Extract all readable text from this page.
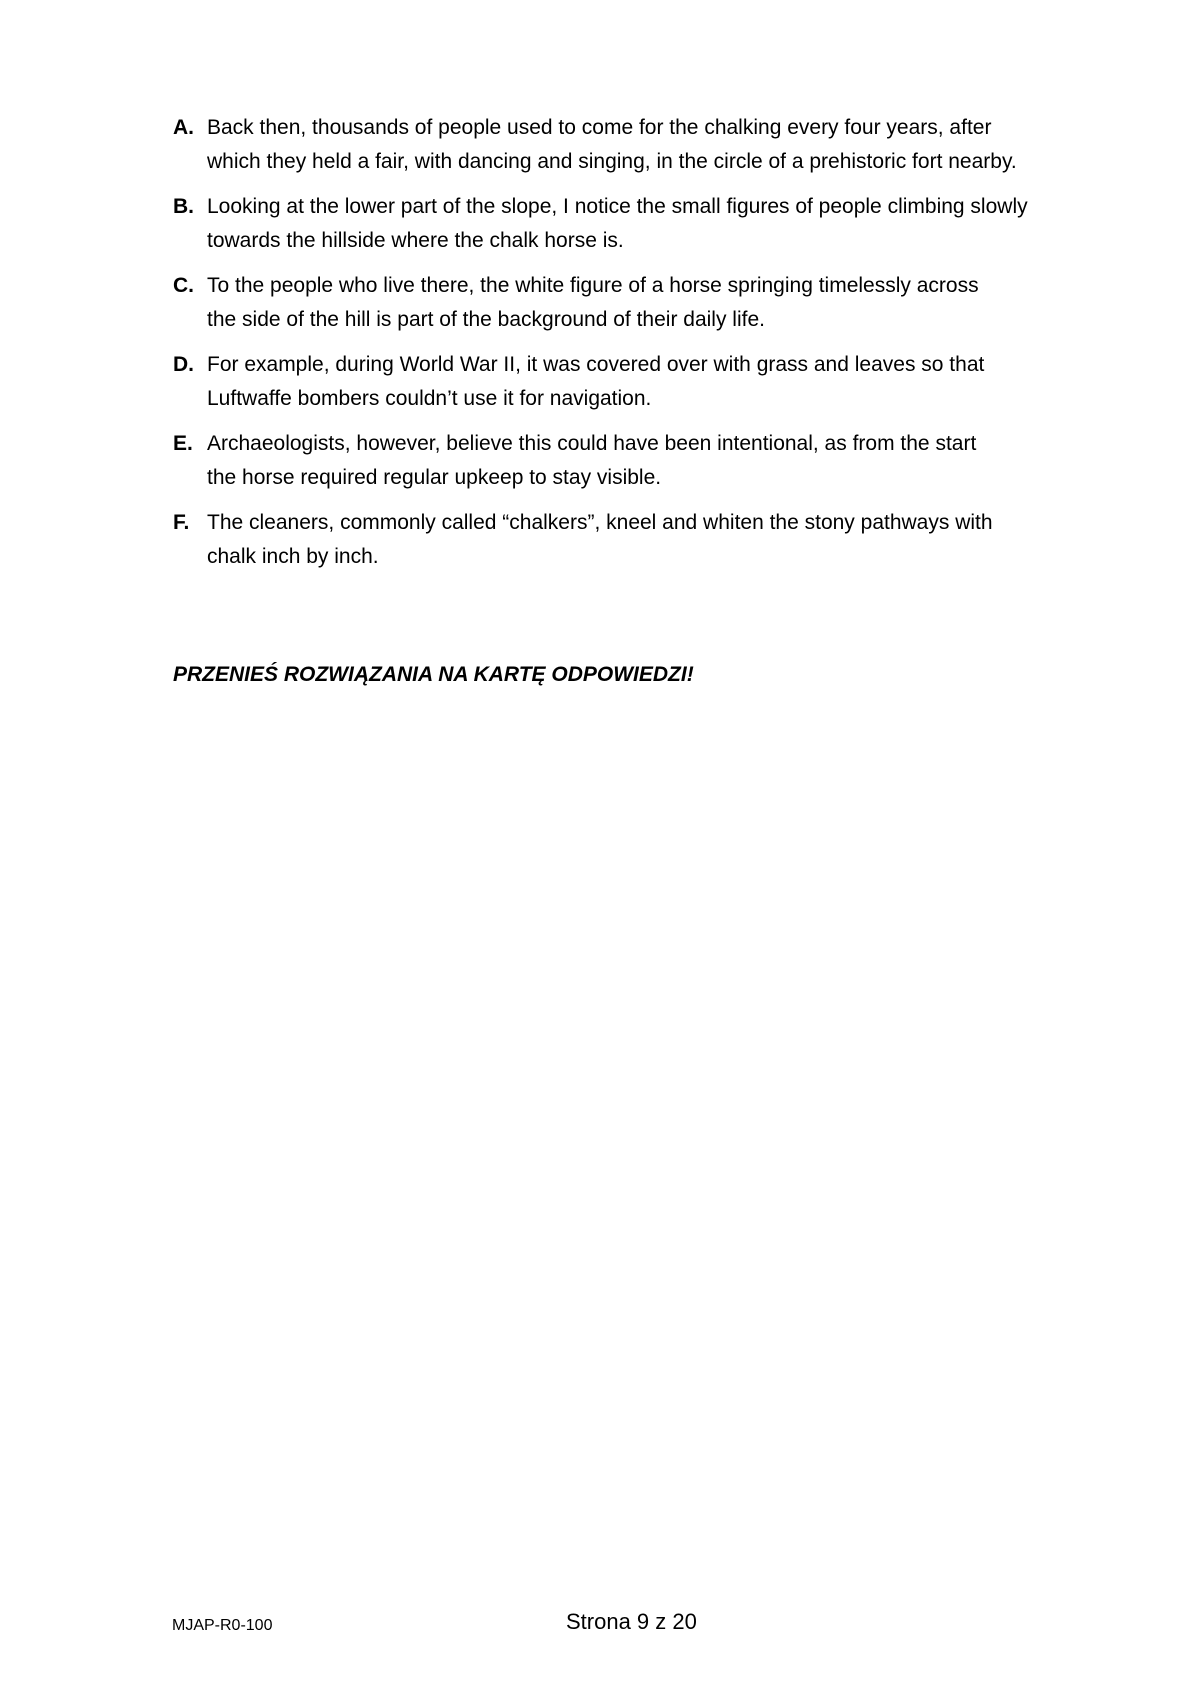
A. Back then, thousands of people used to come for the chalking every four years, after
which they held a fair, with dancing and singing, in the circle of a prehistoric fort nearby.
B. Looking at the lower part of the slope, I notice the small figures of people climbing slowly
towards the hillside where the chalk horse is.
C. To the people who live there, the white figure of a horse springing timelessly across
the side of the hill is part of the background of their daily life.
D. For example, during World War II, it was covered over with grass and leaves so that
Luftwaffe bombers couldn’t use it for navigation.
E. Archaeologists, however, believe this could have been intentional, as from the start
the horse required regular upkeep to stay visible.
F. The cleaners, commonly called “chalkers”, kneel and whiten the stony pathways with
chalk inch by inch.
PRZENIEŚ ROZWIĄZANIA NA KARTĘ ODPOWIEDZI!
MJAP-R0-100	Strona 9 z 20
